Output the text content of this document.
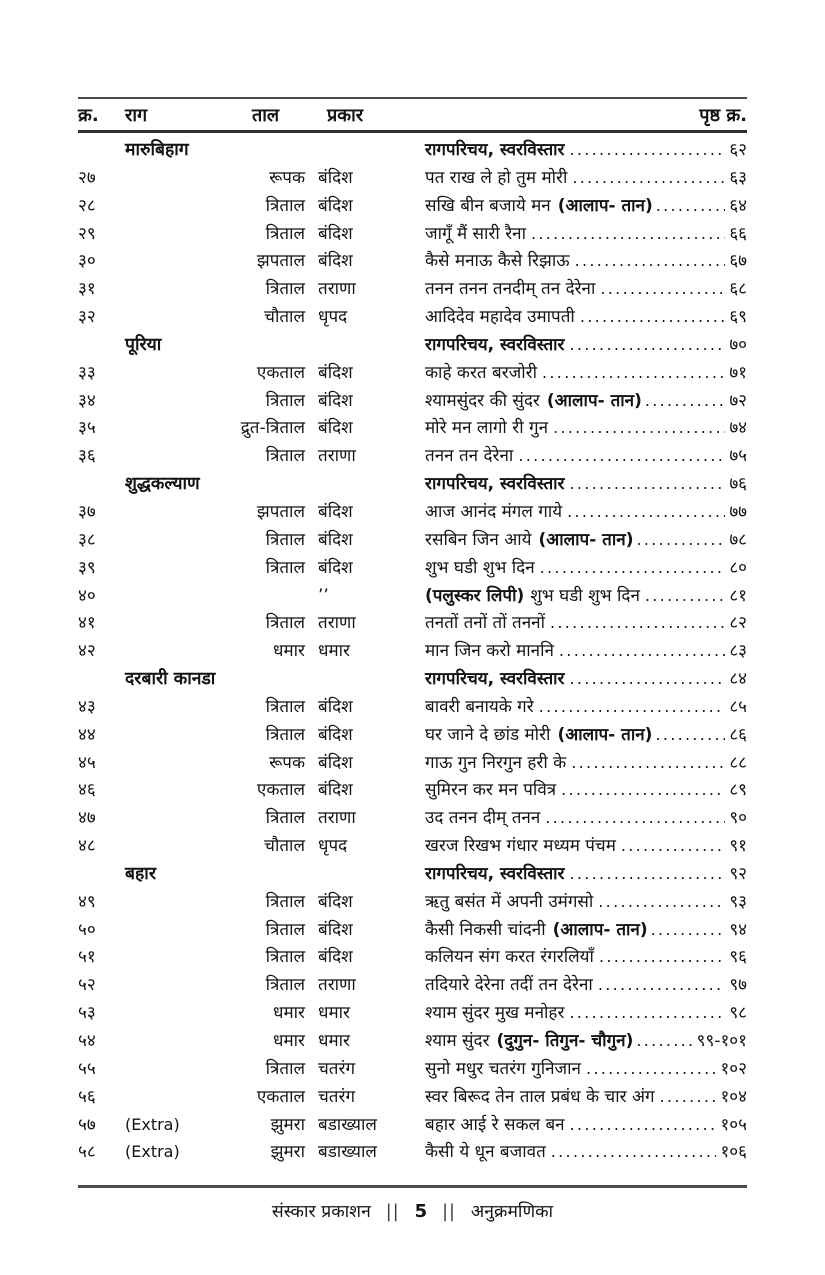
क्र.	राग	ताल	प्रकार	पृष्ठ क्र.
मारुबिहाग	रागपरिचय, स्वरविस्तार .....	६२
२७	रूपक बंदिश	पत राख ले हो तुम मोरी .....	६३
२८	त्रिताल बंदिश	सखि बीन बजाये मन (आलाप- तान) .....	६४
२९	त्रिताल बंदिश	जागूँ मैं सारी रैना .....	६६
३०	झपताल बंदिश	कैसे मनाऊ कैसे रिझाऊ .....	६७
३१	त्रिताल तराणा	तनन तनन तनदीम् तन देरेना .....	६८
३२	चौताल धृपद	आदिदेव महादेव उमापती .....	६९
पूरिया	रागपरिचय, स्वरविस्तार .....	७०
३३	एकताल बंदिश	काहे करत बरजोरी .....	७१
३४	त्रिताल बंदिश	श्यामसुंदर की सुंदर (आलाप- तान) .....	७२
३५	द्रुत-त्रिताल बंदिश	मोरे मन लागो री गुन .....	७४
३६	त्रिताल तराणा	तनन तन देरेना .....	७५
शुद्धकल्याण	रागपरिचय, स्वरविस्तार .....	७६
३७	झपताल बंदिश	आज आनंद मंगल गाये .....	७७
३८	त्रिताल बंदिश	रसबिन जिन आये (आलाप- तान) .....	७८
३९	त्रिताल बंदिश	शुभ घडी शुभ दिन .....	८०
४०	’’	(पलुस्कर लिपी) शुभ घडी शुभ दिन .....	८१
४१	त्रिताल तराणा	तनतों तनों तों तननों .....	८२
४२	धमार धमार	मान जिन करो माननि .....	८३
दरबारी कानडा	रागपरिचय, स्वरविस्तार .....	८४
४३	त्रिताल बंदिश	बावरी बनायके गरे .....	८५
४४	त्रिताल बंदिश	घर जाने दे छांड मोरी (आलाप- तान) .....	८६
४५	रूपक बंदिश	गाऊ गुन निरगुन हरी के .....	८८
४६	एकताल बंदिश	सुमिरन कर मन पवित्र .....	८९
४७	त्रिताल तराणा	उद तनन दीम् तनन .....	९०
४८	चौताल धृपद	खरज रिखभ गंधार मध्यम पंचम .....	९१
बहार	रागपरिचय, स्वरविस्तार .....	९२
४९	त्रिताल बंदिश	ऋतु बसंत में अपनी उमंगसो .....	९३
५०	त्रिताल बंदिश	कैसी निकसी चांदनी (आलाप- तान) .....	९४
५१	त्रिताल बंदिश	कलियन संग करत रंगरलियाँ .....	९६
५२	त्रिताल तराणा	तदियारे देरेना तदीं तन देरेना .....	९७
५३	धमार धमार	श्याम सुंदर मुख मनोहर .....	९८
५४	धमार धमार	श्याम सुंदर (दुगुन- तिगुन- चौगुन) .....	९९-१०१
५५	त्रिताल चतरंग	सुनो मधुर चतरंग गुनिजान .....	१०२
५६	एकताल चतरंग	स्वर बिरूद तेन ताल प्रबंध के चार अंग .....	१०४
५७	(Extra)	झुमरा बडाख्याल	बहार आई रे सकल बन .....	१०५
५८	(Extra)	झुमरा बडाख्याल	कैसी ये धून बजावत .....	१०६
संस्कार प्रकाशन || 5 || अनुक्रमणिका
